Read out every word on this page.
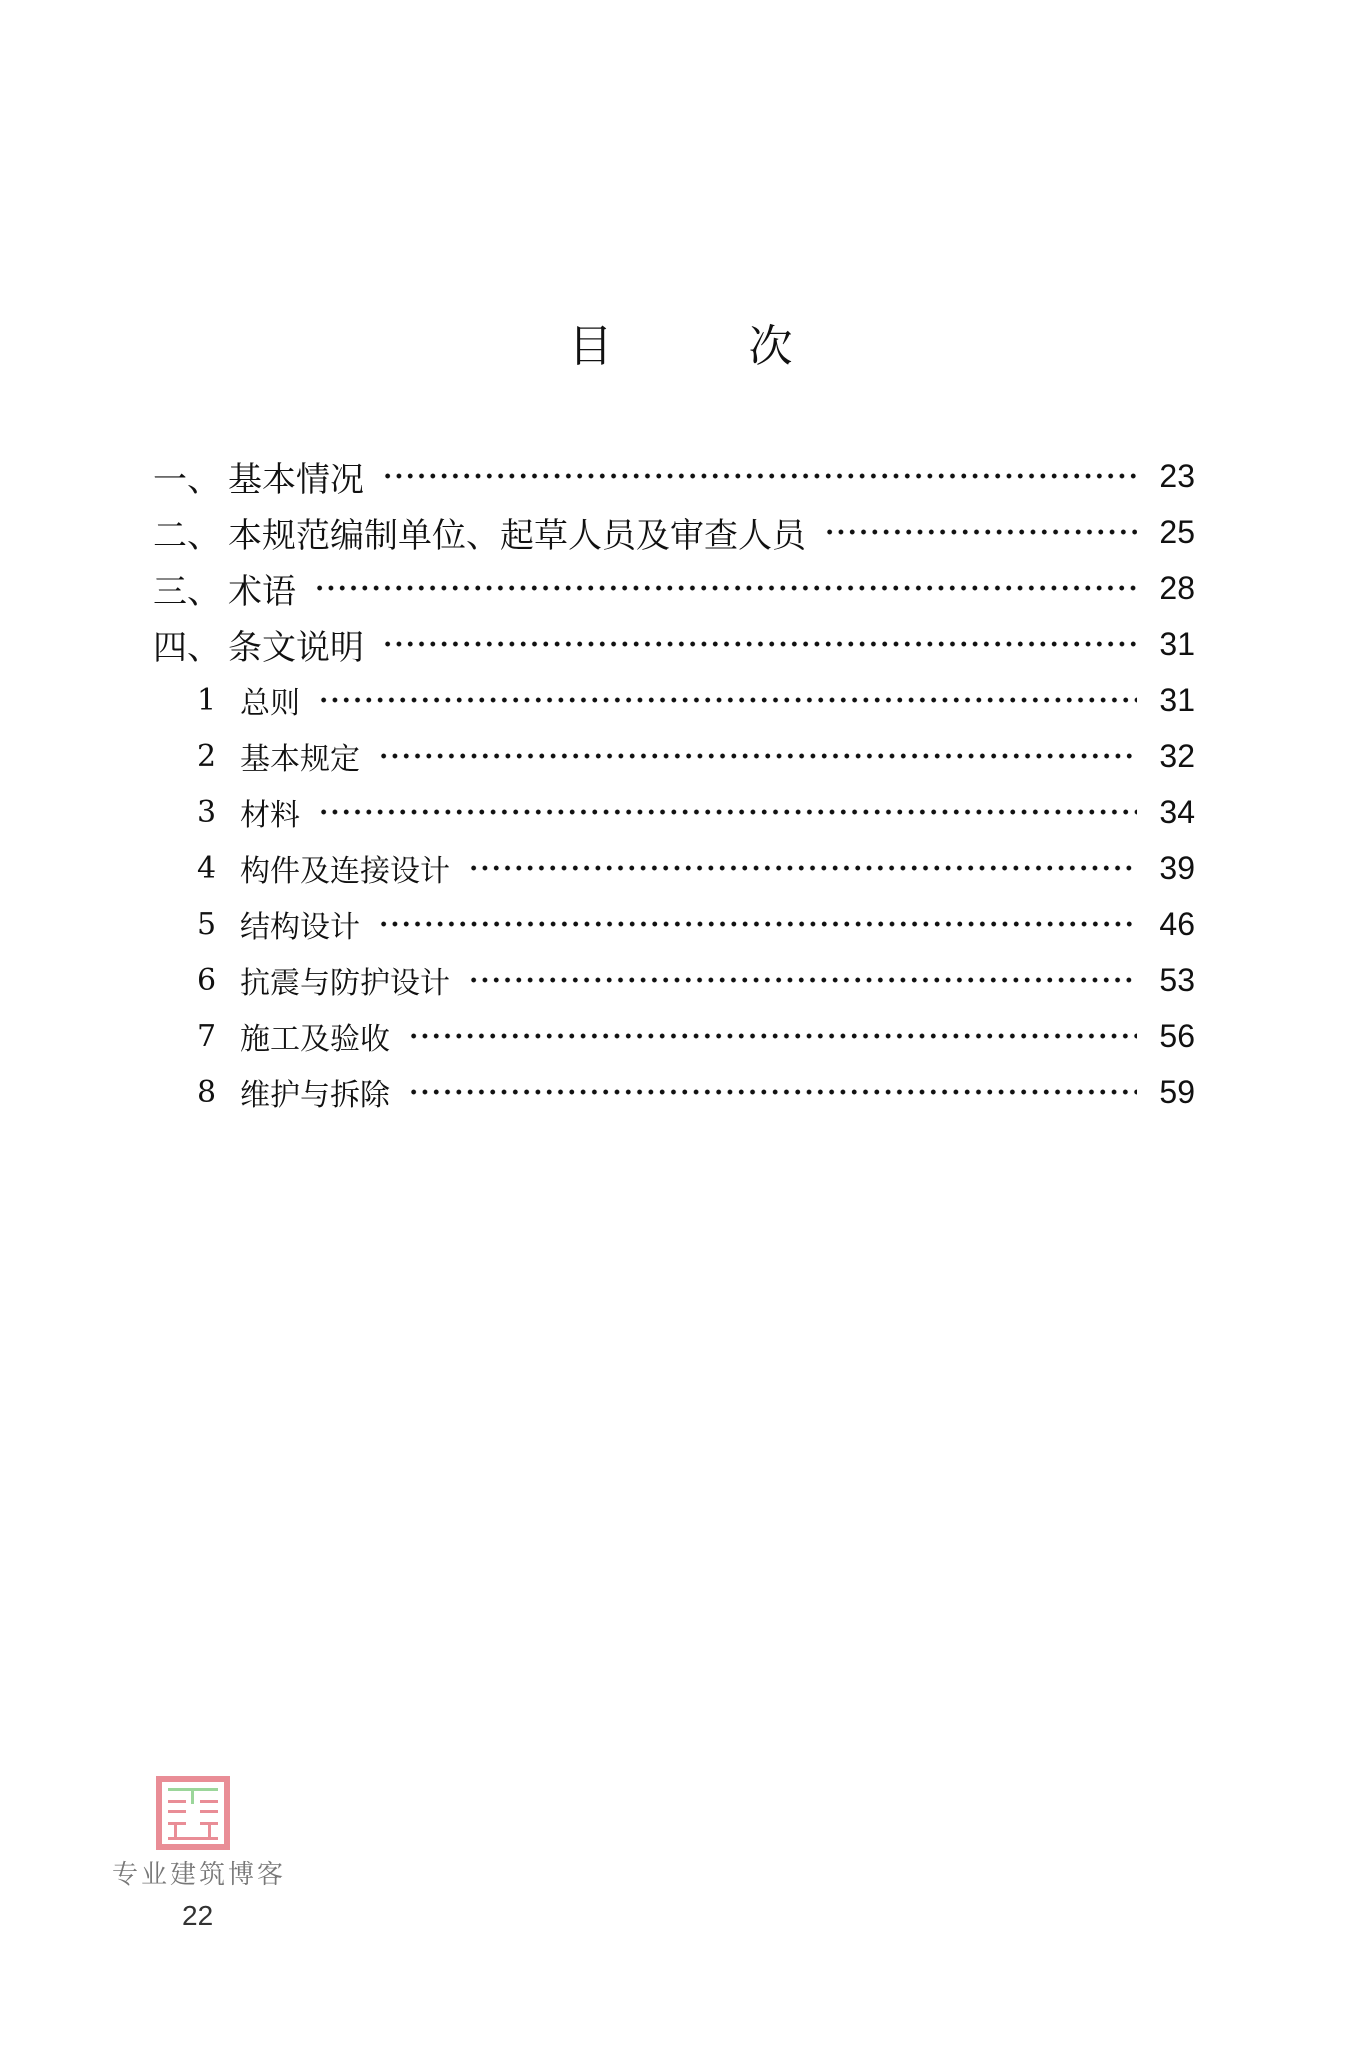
目	次
一、 基本情况	23
二、 本规范编制单位、起草人员及审查人员	25
三、 术语	28
四、 条文说明	31
1 总则	31
2 基本规定	32
3 材料	34
4 构件及连接设计	39
5 结构设计	46
6 抗震与防护设计	53
7 施工及验收	56
8 维护与拆除	59
专业建筑博客
22
